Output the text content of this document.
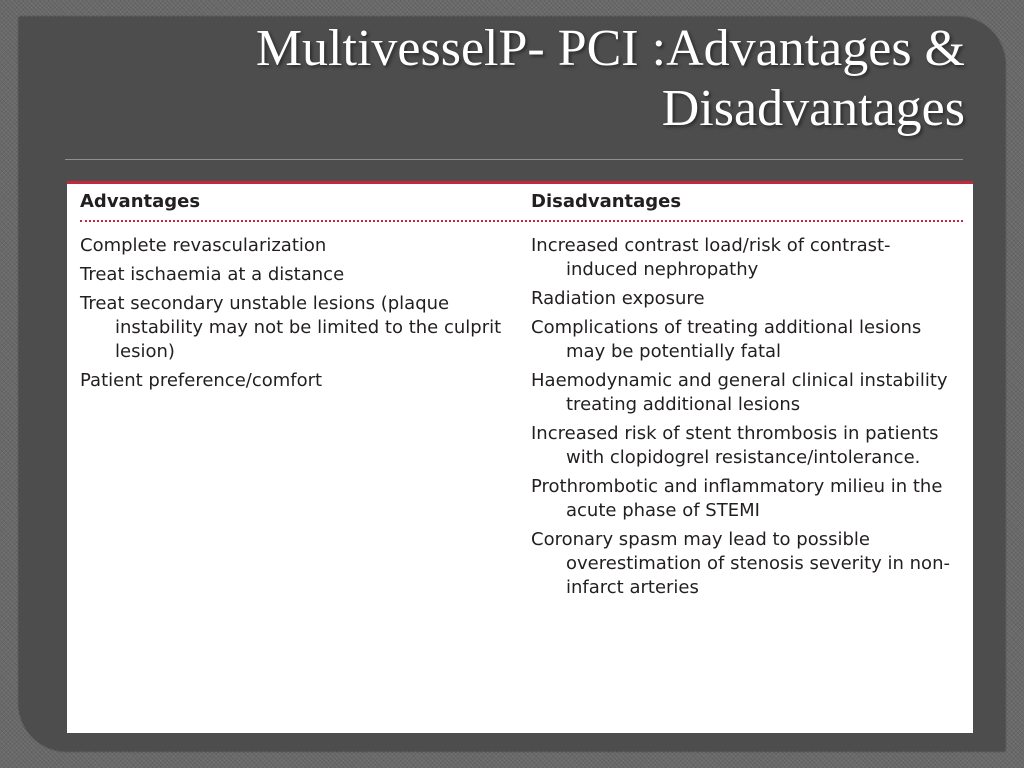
MultivesselP- PCI :Advantages & Disadvantages
Advantages	Disadvantages
Complete revascularization
Treat ischaemia at a distance
Treat secondary unstable lesions (plaque instability may not be limited to the culprit lesion)
Patient preference/comfort
Increased contrast load/risk of contrast-induced nephropathy
Radiation exposure
Complications of treating additional lesions may be potentially fatal
Haemodynamic and general clinical instability treating additional lesions
Increased risk of stent thrombosis in patients with clopidogrel resistance/intolerance.
Prothrombotic and inflammatory milieu in the acute phase of STEMI
Coronary spasm may lead to possible overestimation of stenosis severity in non-infarct arteries
